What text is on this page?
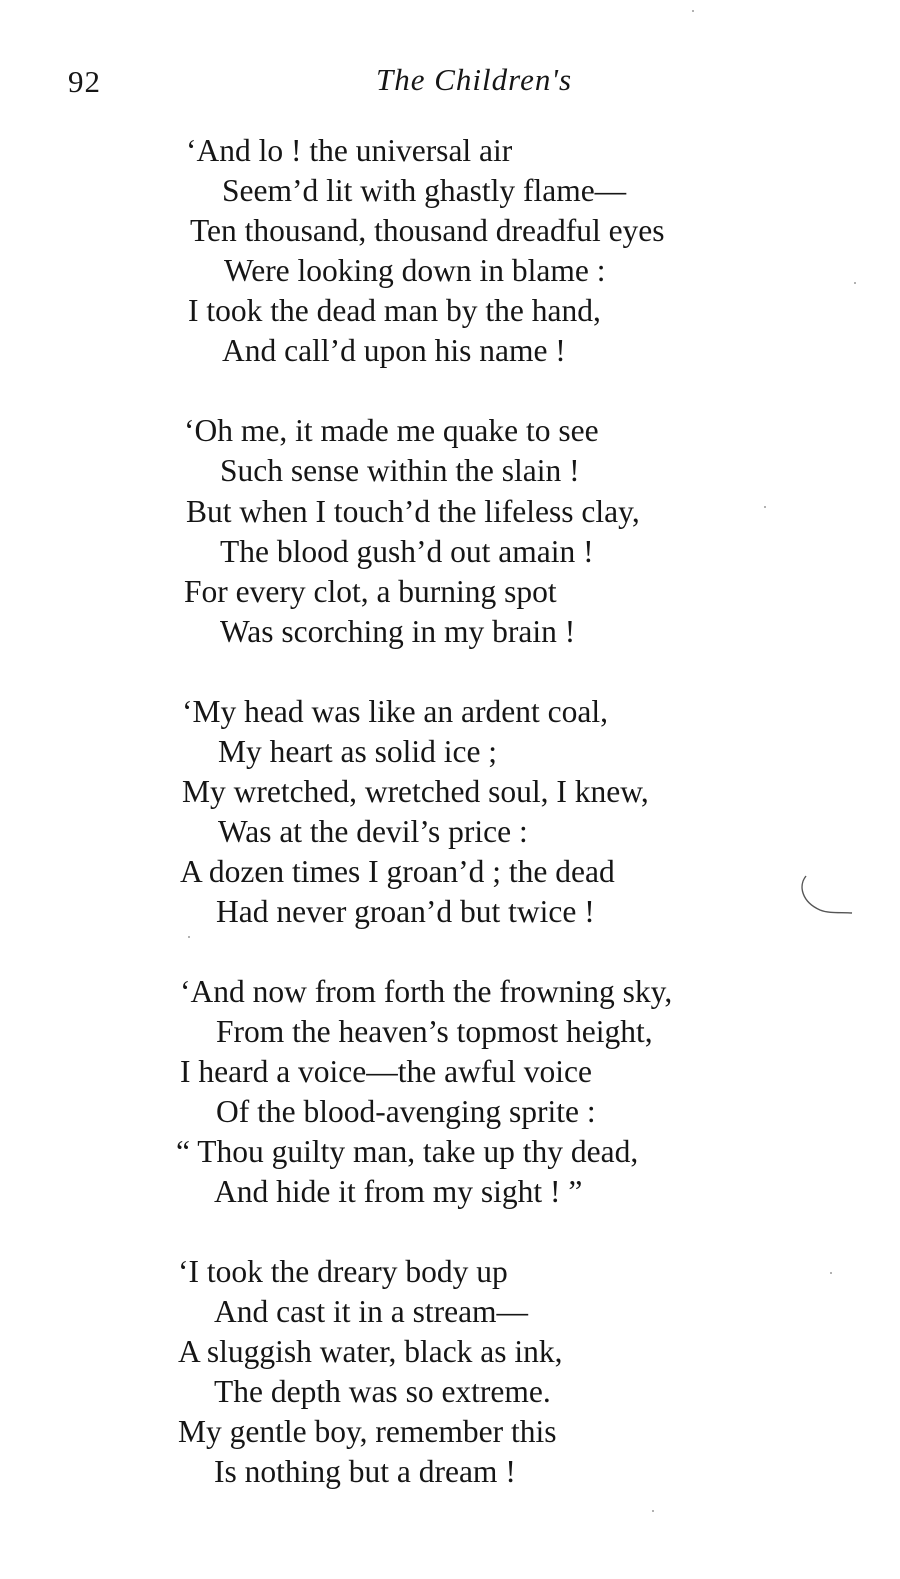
92	The Children's
‘And lo ! the universal air
Seem’d lit with ghastly flame—
Ten thousand, thousand dreadful eyes
Were looking down in blame :
I took the dead man by the hand,
And call’d upon his name !
‘Oh me, it made me quake to see
Such sense within the slain !
But when I touch’d the lifeless clay,
The blood gush’d out amain !
For every clot, a burning spot
Was scorching in my brain !
‘My head was like an ardent coal,
My heart as solid ice ;
My wretched, wretched soul, I knew,
Was at the devil’s price :
A dozen times I groan’d ; the dead
Had never groan’d but twice !
‘And now from forth the frowning sky,
From the heaven’s topmost height,
I heard a voice—the awful voice
Of the blood-avenging sprite :
“ Thou guilty man, take up thy dead,
And hide it from my sight ! ”
‘I took the dreary body up
And cast it in a stream—
A sluggish water, black as ink,
The depth was so extreme.
My gentle boy, remember this
Is nothing but a dream !
